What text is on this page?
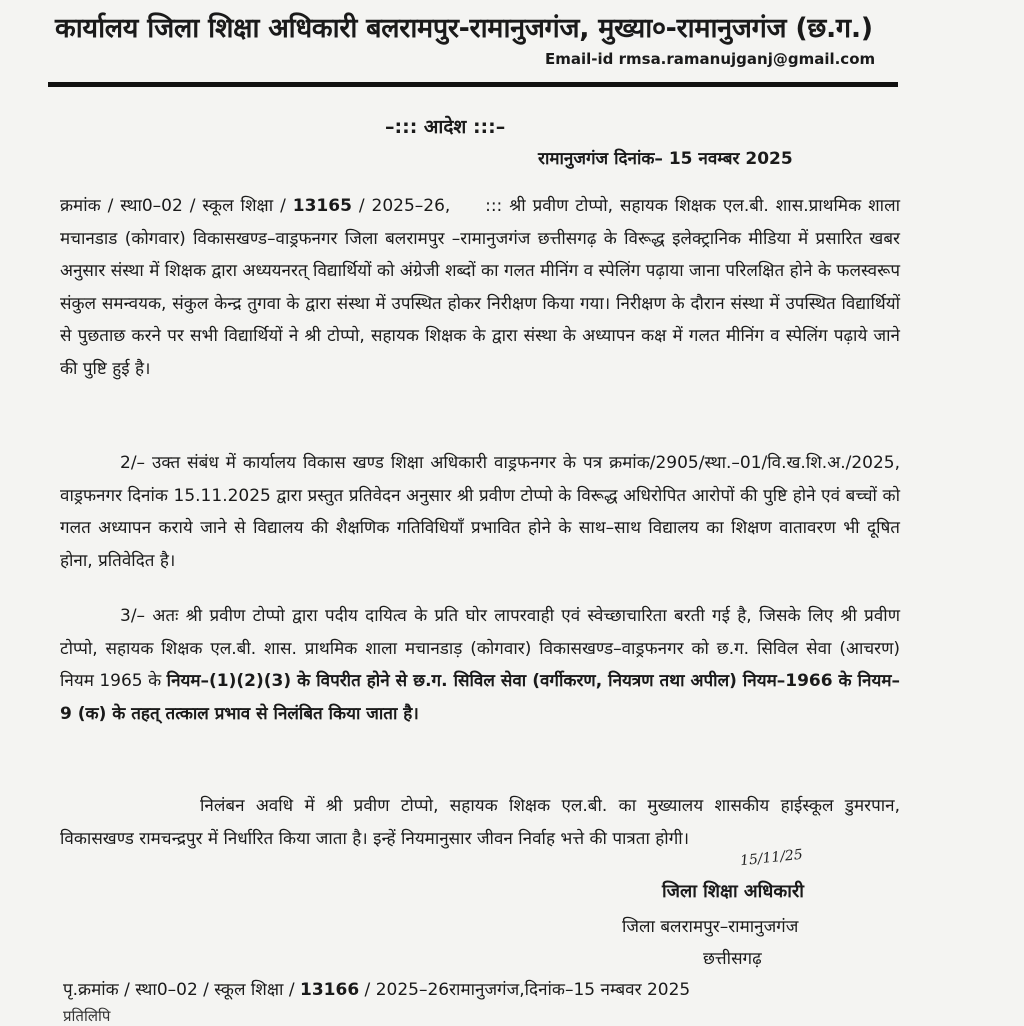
कार्यालय जिला शिक्षा अधिकारी बलरामपुर-रामानुजगंज, मुख्या०-रामानुजगंज (छ.ग.)
Email-id rmsa.ramanujganj@gmail.com
–::: आदेश :::–
रामानुजगंज दिनांक– 15 नवम्बर 2025
क्रमांक / स्था0–02 / स्कूल शिक्षा / 13165 / 2025–26, ::: श्री प्रवीण टोप्पो, सहायक शिक्षक एल.बी. शास.प्राथमिक शाला मचानडाड (कोगवार) विकासखण्ड–वाड्रफनगर जिला बलरामपुर –रामानुजगंज छत्तीसगढ़ के विरूद्ध इलेक्ट्रानिक मीडिया में प्रसारित खबर अनुसार संस्था में शिक्षक द्वारा अध्ययनरत् विद्यार्थियों को अंग्रेजी शब्दों का गलत मीनिंग व स्पेलिंग पढ़ाया जाना परिलक्षित होने के फलस्वरूप संकुल समन्वयक, संकुल केन्द्र तुगवा के द्वारा संस्था में उपस्थित होकर निरीक्षण किया गया। निरीक्षण के दौरान संस्था में उपस्थित विद्यार्थियों से पुछताछ करने पर सभी विद्यार्थियों ने श्री टोप्पो, सहायक शिक्षक के द्वारा संस्था के अध्यापन कक्ष में गलत मीनिंग व स्पेलिंग पढ़ाये जाने की पुष्टि हुई है।
2/– उक्त संबंध में कार्यालय विकास खण्ड शिक्षा अधिकारी वाड्रफनगर के पत्र क्रमांक/2905/स्था.–01/वि.ख.शि.अ./2025, वाड्रफनगर दिनांक 15.11.2025 द्वारा प्रस्तुत प्रतिवेदन अनुसार श्री प्रवीण टोप्पो के विरूद्ध अधिरोपित आरोपों की पुष्टि होने एवं बच्चों को गलत अध्यापन कराये जाने से विद्यालय की शैक्षणिक गतिविधियाँ प्रभावित होने के साथ–साथ विद्यालय का शिक्षण वातावरण भी दूषित होना, प्रतिवेदित है।
3/– अतः श्री प्रवीण टोप्पो द्वारा पदीय दायित्व के प्रति घोर लापरवाही एवं स्वेच्छाचारिता बरती गई है, जिसके लिए श्री प्रवीण टोप्पो, सहायक शिक्षक एल.बी. शास. प्राथमिक शाला मचानडाड़ (कोगवार) विकासखण्ड–वाड्रफनगर को छ.ग. सिविल सेवा (आचरण) नियम 1965 के नियम–(1)(2)(3) के विपरीत होने से छ.ग. सिविल सेवा (वर्गीकरण, नियत्रण तथा अपील) नियम–1966 के नियम–9 (क) के तहत् तत्काल प्रभाव से निलंबित किया जाता है।
निलंबन अवधि में श्री प्रवीण टोप्पो, सहायक शिक्षक एल.बी. का मुख्यालय शासकीय हाईस्कूल डुमरपान, विकासखण्ड रामचन्द्रपुर में निर्धारित किया जाता है। इन्हें नियमानुसार जीवन निर्वाह भत्ते की पात्रता होगी।
15/11/25
जिला शिक्षा अधिकारी
जिला बलरामपुर–रामानुजगंज
छत्तीसगढ़
पृ.क्रमांक / स्था0–02 / स्कूल शिक्षा / 13166 / 2025–26रामानुजगंज,दिनांक–15 नम्बवर 2025
प्रतिलिपि
